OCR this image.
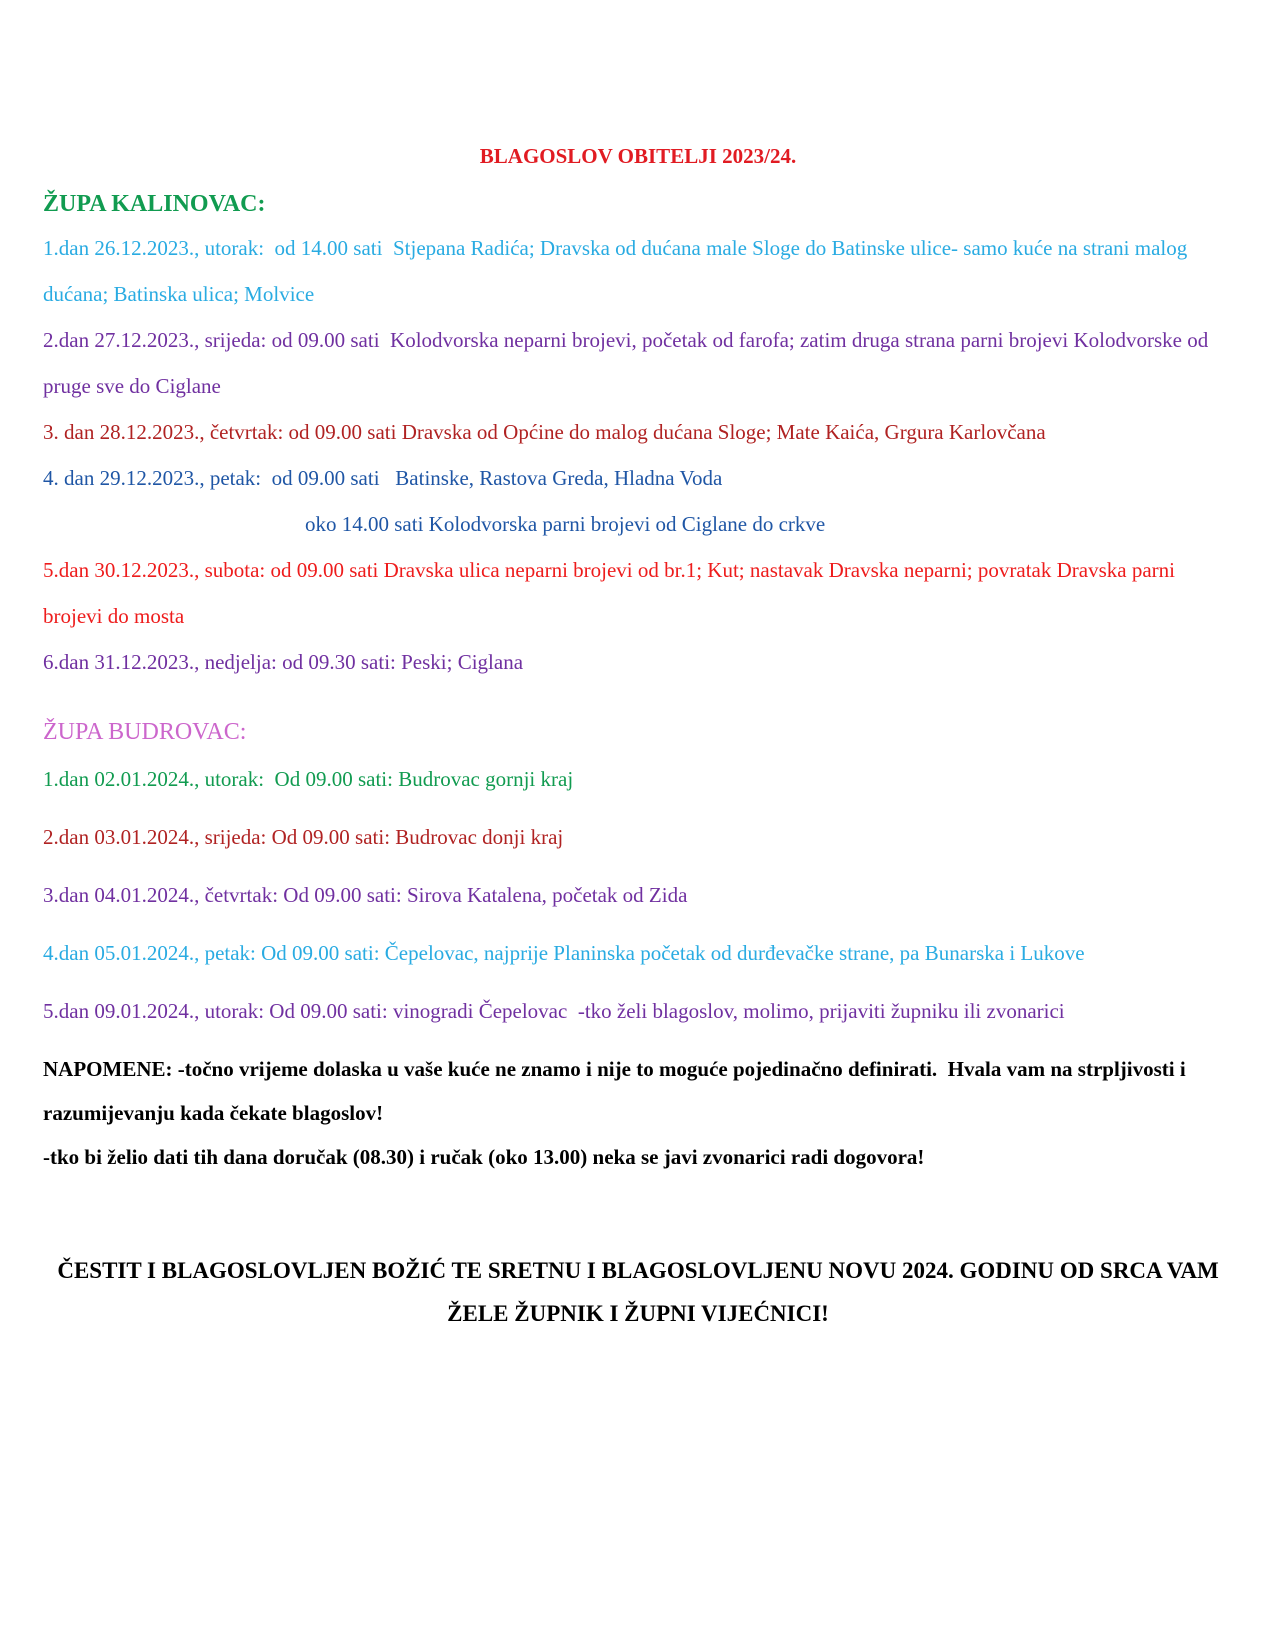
BLAGOSLOV OBITELJI 2023/24.
ŽUPA KALINOVAC:

1.dan 26.12.2023., utorak:  od 14.00 sati  Stjepana Radića; Dravska od dućana male Sloge do Batinske ulice- samo kuće na strani malog dućana; Batinska ulica; Molvice

2.dan 27.12.2023., srijeda: od 09.00 sati  Kolodvorska neparni brojevi, početak od farofa; zatim druga strana parni brojevi Kolodvorske od pruge sve do Ciglane

3. dan 28.12.2023., četvrtak: od 09.00 sati Dravska od Općine do malog dućana Sloge; Mate Kaića, Grgura Karlovčana

4. dan 29.12.2023., petak:  od 09.00 sati   Batinske, Rastova Greda, Hladna Voda
oko 14.00 sati Kolodvorska parni brojevi od Ciglane do crkve

5.dan 30.12.2023., subota: od 09.00 sati Dravska ulica neparni brojevi od br.1; Kut; nastavak Dravska neparni; povratak Dravska parni brojevi do mosta

6.dan 31.12.2023., nedjelja: od 09.30 sati: Peski; Ciglana

ŽUPA BUDROVAC:

1.dan 02.01.2024., utorak:  Od 09.00 sati: Budrovac gornji kraj

2.dan 03.01.2024., srijeda: Od 09.00 sati: Budrovac donji kraj

3.dan 04.01.2024., četvrtak: Od 09.00 sati: Sirova Katalena, početak od Zida

4.dan 05.01.2024., petak: Od 09.00 sati: Čepelovac, najprije Planinska početak od durđevačke strane, pa Bunarska i Lukove

5.dan 09.01.2024., utorak: Od 09.00 sati: vinogradi Čepelovac  -tko želi blagoslov, molimo, prijaviti župniku ili zvonarici

NAPOMENE: -točno vrijeme dolaska u vaše kuće ne znamo i nije to moguće pojedinačno definirati.  Hvala vam na strpljivosti i razumijevanju kada čekate blagoslov!

-tko bi želio dati tih dana doručak (08.30) i ručak (oko 13.00) neka se javi zvonarici radi dogovora!

ČESTIT I BLAGOSLOVLJEN BOŽIĆ TE SRETNU I BLAGOSLOVLJENU NOVU 2024. GODINU OD SRCA VAM ŽELE ŽUPNIK I ŽUPNI VIJEĆNICI!
